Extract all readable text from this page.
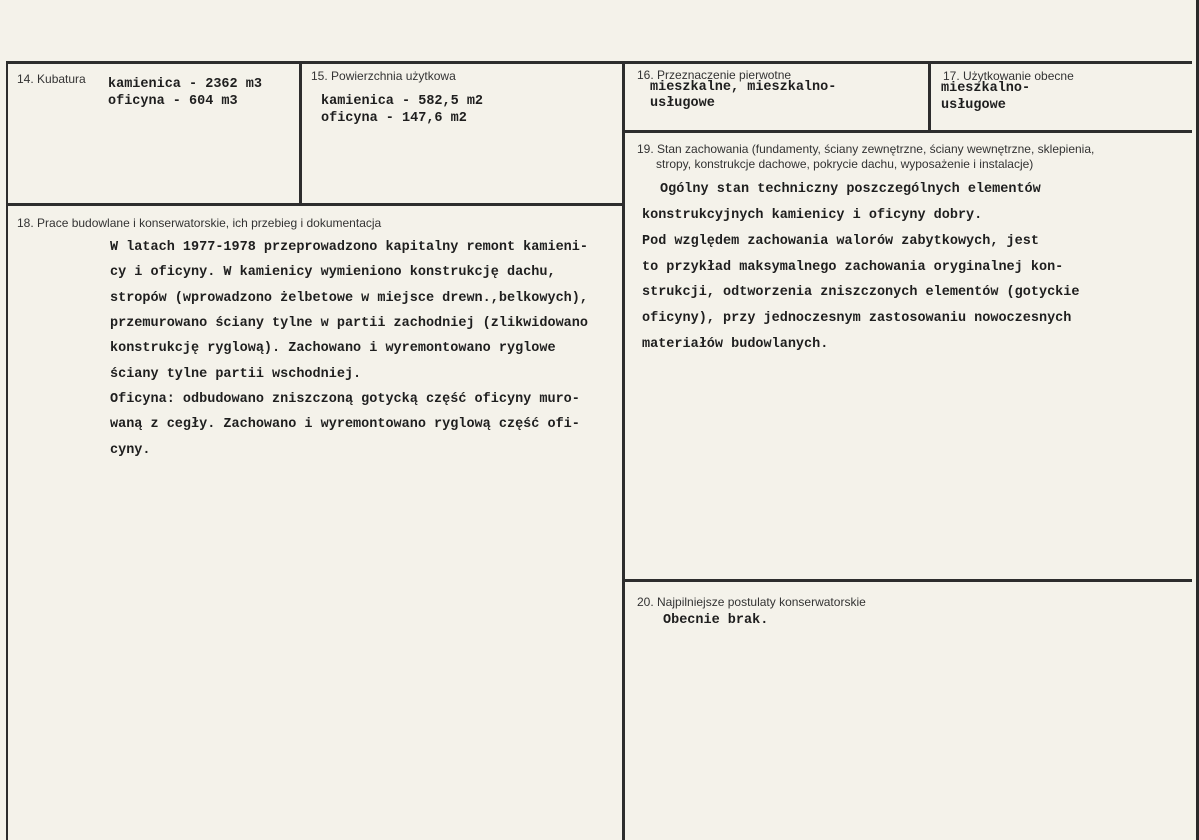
14. Kubatura kamienica - 2362 m3
oficyna - 604 m3
15. Powierzchnia użytkowa
kamienica - 582,5 m2
oficyna - 147,6 m2
16. Przeznaczenie pierwotne
mieszkalne, mieszkalno-
usługowe
17. Użytkowanie obecne
mieszkalno-
usługowe
18. Prace budowlane i konserwatorskie, ich przebieg i dokumentacja
W latach 1977-1978 przeprowadzono kapitalny remont kamieni-
cy i oficyny. W kamienicy wymieniono konstrukcję dachu,
stropów (wprowadzono żelbetowe w miejsce drewn.,belkowych),
przemurowano ściany tylne w partii zachodniej (zlikwidowano
konstrukcję ryglową). Zachowano i wyremontowano ryglowe
ściany tylne partii wschodniej.
Oficyna: odbudowano zniszczoną gotycką część oficyny muro-
waną z cegły. Zachowano i wyremontowano ryglową część ofi-
cyny.
19. Stan zachowania (fundamenty, ściany zewnętrzne, ściany wewnętrzne, sklepienia,
stropy, konstrukcje dachowe, pokrycie dachu, wyposażenie i instalacje)
Ogólny stan techniczny poszczególnych elementów
konstrukcyjnych kamienicy i oficyny dobry.
Pod względem zachowania walorów zabytkowych, jest
to przykład maksymalnego zachowania oryginalnej kon-
strukcji, odtworzenia zniszczonych elementów (gotyckie
oficyny), przy jednoczesnym zastosowaniu nowoczesnych
materiałów budowlanych.
20. Najpilniejsze postulaty konserwatorskie
Obecnie brak.
